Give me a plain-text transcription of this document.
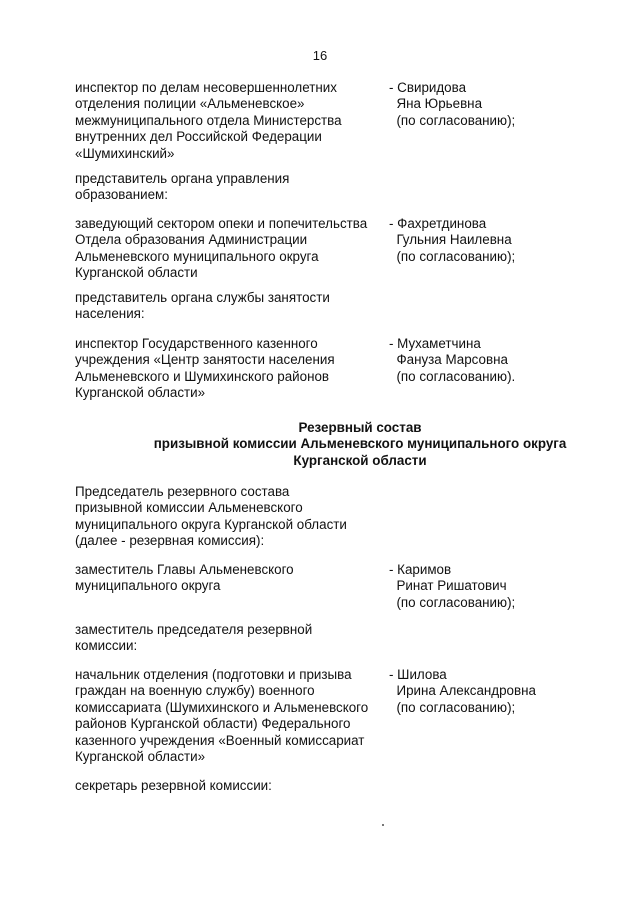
16
инспектор по делам несовершеннолетних
отделения полиции «Альменевское»
межмуниципального отдела Министерства
внутренних дел Российской Федерации
«Шумихинский»
- Свиридова
Яна Юрьевна
(по согласованию);
представитель органа управления
образованием:
заведующий сектором опеки и попечительства
Отдела образования Администрации
Альменевского муниципального округа
Курганской области
- Фахретдинова
Гульния Наилевна
(по согласованию);
представитель органа службы занятости
населения:
инспектор Государственного казенного
учреждения «Центр занятости населения
Альменевского и Шумихинского районов
Курганской области»
- Мухаметчина
Фануза Марсовна
(по согласованию).
Резервный состав
призывной комиссии Альменевского муниципального округа
Курганской области
Председатель резервного состава
призывной комиссии Альменевского
муниципального округа Курганской области
(далее - резервная комиссия):
заместитель Главы Альменевского
муниципального округа
- Каримов
Ринат Ришатович
(по согласованию);
заместитель председателя резервной
комиссии:
начальник отделения (подготовки и призыва
граждан на военную службу) военного
комиссариата (Шумихинского и Альменевского
районов Курганской области) Федерального
казенного учреждения «Военный комиссариат
Курганской области»
- Шилова
Ирина Александровна
(по согласованию);
секретарь резервной комиссии:
